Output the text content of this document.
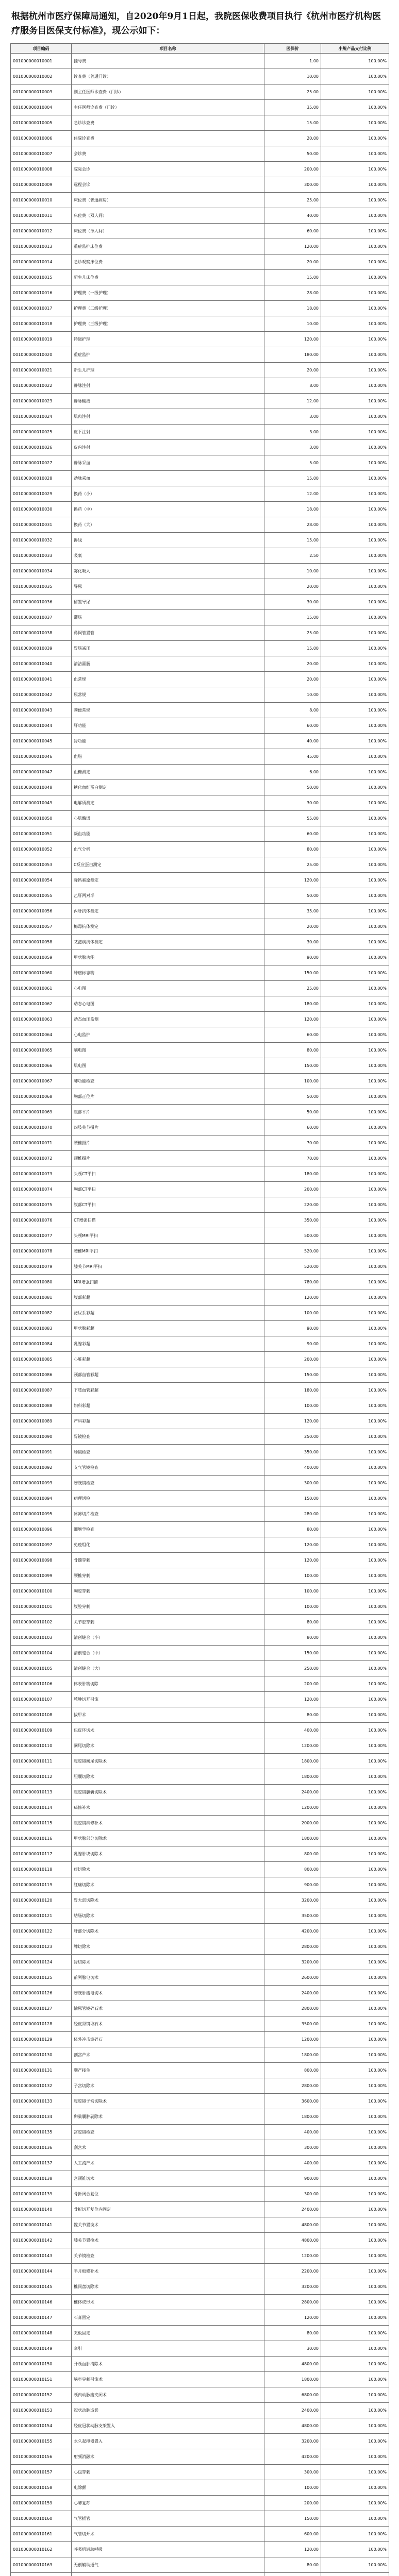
根据杭州市医疗保障局通知，自2020年9月1日起，我院医保收费项目执行《杭州市医疗机构医疗服务目医保支付标准》，现公示如下：

项目编码	项目名称	医保价	小规产品支付比例
001000000010001	挂号费	1.00	100.00%
001000000010002	诊查费（普通门诊）	10.00	100.00%
001000000010003	副主任医师诊查费（门诊）	25.00	100.00%
001000000010004	主任医师诊查费（门诊）	35.00	100.00%
001000000010005	急诊诊查费	15.00	100.00%
001000000010006	住院诊查费	20.00	100.00%
001000000010007	会诊费	50.00	100.00%
001000000010008	院际会诊	200.00	100.00%
001000000010009	远程会诊	300.00	100.00%
001000000010010	床位费（普通病房）	25.00	100.00%
001000000010011	床位费（双人间）	40.00	100.00%
001000000010012	床位费（单人间）	60.00	100.00%
001000000010013	重症监护床位费	120.00	100.00%
001000000010014	急诊观察床位费	20.00	100.00%
001000000010015	新生儿床位费	15.00	100.00%
001000000010016	护理费（一级护理）	28.00	100.00%
001000000010017	护理费（二级护理）	18.00	100.00%
001000000010018	护理费（三级护理）	10.00	100.00%
001000000010019	特级护理	120.00	100.00%
001000000010020	重症监护	180.00	100.00%
001000000010021	新生儿护理	20.00	100.00%
001000000010022	静脉注射	8.00	100.00%
001000000010023	静脉输液	12.00	100.00%
001000000010024	肌肉注射	3.00	100.00%
001000000010025	皮下注射	3.00	100.00%
001000000010026	皮内注射	3.00	100.00%
001000000010027	静脉采血	5.00	100.00%
001000000010028	动脉采血	15.00	100.00%
001000000010029	换药（小）	12.00	100.00%
001000000010030	换药（中）	18.00	100.00%
001000000010031	换药（大）	28.00	100.00%
001000000010032	拆线	15.00	100.00%
001000000010033	吸氧	2.50	100.00%
001000000010034	雾化吸入	10.00	100.00%
001000000010035	导尿	20.00	100.00%
001000000010036	留置导尿	30.00	100.00%
001000000010037	灌肠	15.00	100.00%
001000000010038	鼻饲管置管	25.00	100.00%
001000000010039	胃肠减压	15.00	100.00%
001000000010040	清洁灌肠	20.00	100.00%
001000000010041	血常规	20.00	100.00%
001000000010042	尿常规	10.00	100.00%
001000000010043	粪便常规	8.00	100.00%
001000000010044	肝功能	60.00	100.00%
001000000010045	肾功能	40.00	100.00%
001000000010046	血脂	45.00	100.00%
001000000010047	血糖测定	6.00	100.00%
001000000010048	糖化血红蛋白测定	50.00	100.00%
001000000010049	电解质测定	30.00	100.00%
001000000010050	心肌酶谱	55.00	100.00%
001000000010051	凝血功能	60.00	100.00%
001000000010052	血气分析	80.00	100.00%
001000000010053	C反应蛋白测定	25.00	100.00%
001000000010054	降钙素原测定	120.00	100.00%
001000000010055	乙肝两对半	50.00	100.00%
001000000010056	丙肝抗体测定	35.00	100.00%
001000000010057	梅毒抗体测定	20.00	100.00%
001000000010058	艾滋病抗体测定	30.00	100.00%
001000000010059	甲状腺功能	90.00	100.00%
001000000010060	肿瘤标志物	150.00	100.00%
001000000010061	心电图	25.00	100.00%
001000000010062	动态心电图	180.00	100.00%
001000000010063	动态血压监测	120.00	100.00%
001000000010064	心电监护	60.00	100.00%
001000000010065	脑电图	80.00	100.00%
001000000010066	肌电图	150.00	100.00%
001000000010067	肺功能检查	100.00	100.00%
001000000010068	胸部正位片	50.00	100.00%
001000000010069	腹部平片	50.00	100.00%
001000000010070	四肢关节摄片	60.00	100.00%
001000000010071	腰椎摄片	70.00	100.00%
001000000010072	颈椎摄片	70.00	100.00%
001000000010073	头颅CT平扫	180.00	100.00%
001000000010074	胸部CT平扫	200.00	100.00%
001000000010075	腹部CT平扫	220.00	100.00%
001000000010076	CT增强扫描	350.00	100.00%
001000000010077	头颅MRI平扫	500.00	100.00%
001000000010078	腰椎MRI平扫	520.00	100.00%
001000000010079	膝关节MRI平扫	520.00	100.00%
001000000010080	MRI增强扫描	780.00	100.00%
001000000010081	腹部彩超	120.00	100.00%
001000000010082	泌尿系彩超	100.00	100.00%
001000000010083	甲状腺彩超	90.00	100.00%
001000000010084	乳腺彩超	90.00	100.00%
001000000010085	心脏彩超	200.00	100.00%
001000000010086	颈部血管彩超	150.00	100.00%
001000000010087	下肢血管彩超	180.00	100.00%
001000000010088	妇科彩超	100.00	100.00%
001000000010089	产科彩超	120.00	100.00%
001000000010090	胃镜检查	250.00	100.00%
001000000010091	肠镜检查	350.00	100.00%
001000000010092	支气管镜检查	400.00	100.00%
001000000010093	膀胱镜检查	300.00	100.00%
001000000010094	病理活检	150.00	100.00%
001000000010095	冰冻切片检查	280.00	100.00%
001000000010096	细胞学检查	80.00	100.00%
001000000010097	免疫组化	120.00	100.00%
001000000010098	骨髓穿刺	120.00	100.00%
001000000010099	腰椎穿刺	100.00	100.00%
001000000010100	胸腔穿刺	100.00	100.00%
001000000010101	腹腔穿刺	100.00	100.00%
001000000010102	关节腔穿刺	80.00	100.00%
001000000010103	清创缝合（小）	80.00	100.00%
001000000010104	清创缝合（中）	150.00	100.00%
001000000010105	清创缝合（大）	250.00	100.00%
001000000010106	体表肿物切除	200.00	100.00%
001000000010107	脓肿切开引流	120.00	100.00%
001000000010108	拔甲术	80.00	100.00%
001000000010109	包皮环切术	400.00	100.00%
001000000010110	阑尾切除术	1200.00	100.00%
001000000010111	腹腔镜阑尾切除术	1800.00	100.00%
001000000010112	胆囊切除术	1800.00	100.00%
001000000010113	腹腔镜胆囊切除术	2400.00	100.00%
001000000010114	疝修补术	1200.00	100.00%
001000000010115	腹腔镜疝修补术	2000.00	100.00%
001000000010116	甲状腺部分切除术	1800.00	100.00%
001000000010117	乳腺肿块切除术	800.00	100.00%
001000000010118	痔切除术	800.00	100.00%
001000000010119	肛瘘切除术	900.00	100.00%
001000000010120	胃大部切除术	3200.00	100.00%
001000000010121	结肠切除术	3500.00	100.00%
001000000010122	肝部分切除术	4200.00	100.00%
001000000010123	脾切除术	2800.00	100.00%
001000000010124	肾切除术	3200.00	100.00%
001000000010125	前列腺电切术	2600.00	100.00%
001000000010126	膀胱肿瘤电切术	2400.00	100.00%
001000000010127	输尿管镜碎石术	2800.00	100.00%
001000000010128	经皮肾镜取石术	3500.00	100.00%
001000000010129	体外冲击波碎石	1200.00	100.00%
001000000010130	剖宫产术	1800.00	100.00%
001000000010131	顺产接生	800.00	100.00%
001000000010132	子宫切除术	2800.00	100.00%
001000000010133	腹腔镜子宫切除术	3600.00	100.00%
001000000010134	卵巢囊肿剥除术	1800.00	100.00%
001000000010135	宫腔镜检查	400.00	100.00%
001000000010136	刮宫术	300.00	100.00%
001000000010137	人工流产术	400.00	100.00%
001000000010138	宫颈锥切术	900.00	100.00%
001000000010139	骨折闭合复位	300.00	100.00%
001000000010140	骨折切开复位内固定	2400.00	100.00%
001000000010141	髋关节置换术	4800.00	100.00%
001000000010142	膝关节置换术	4800.00	100.00%
001000000010143	关节镜检查	1200.00	100.00%
001000000010144	半月板修补术	2200.00	100.00%
001000000010145	椎间盘切除术	3200.00	100.00%
001000000010146	椎体成形术	2800.00	100.00%
001000000010147	石膏固定	120.00	100.00%
001000000010148	夹板固定	80.00	100.00%
001000000010149	牵引	30.00	100.00%
001000000010150	开颅血肿清除术	4800.00	100.00%
001000000010151	脑室穿刺引流术	1800.00	100.00%
001000000010152	颅内动脉瘤夹闭术	6800.00	100.00%
001000000010153	冠状动脉造影	2400.00	100.00%
001000000010154	经皮冠状动脉支架置入	4800.00	100.00%
001000000010155	永久起搏器置入	3200.00	100.00%
001000000010156	射频消融术	4200.00	100.00%
001000000010157	心包穿刺	300.00	100.00%
001000000010158	电除颤	100.00	100.00%
001000000010159	心肺复苏	200.00	100.00%
001000000010160	气管插管	150.00	100.00%
001000000010161	气管切开术	600.00	100.00%
001000000010162	呼吸机辅助呼吸	120.00	100.00%
001000000010163	无创辅助通气	80.00	100.00%
